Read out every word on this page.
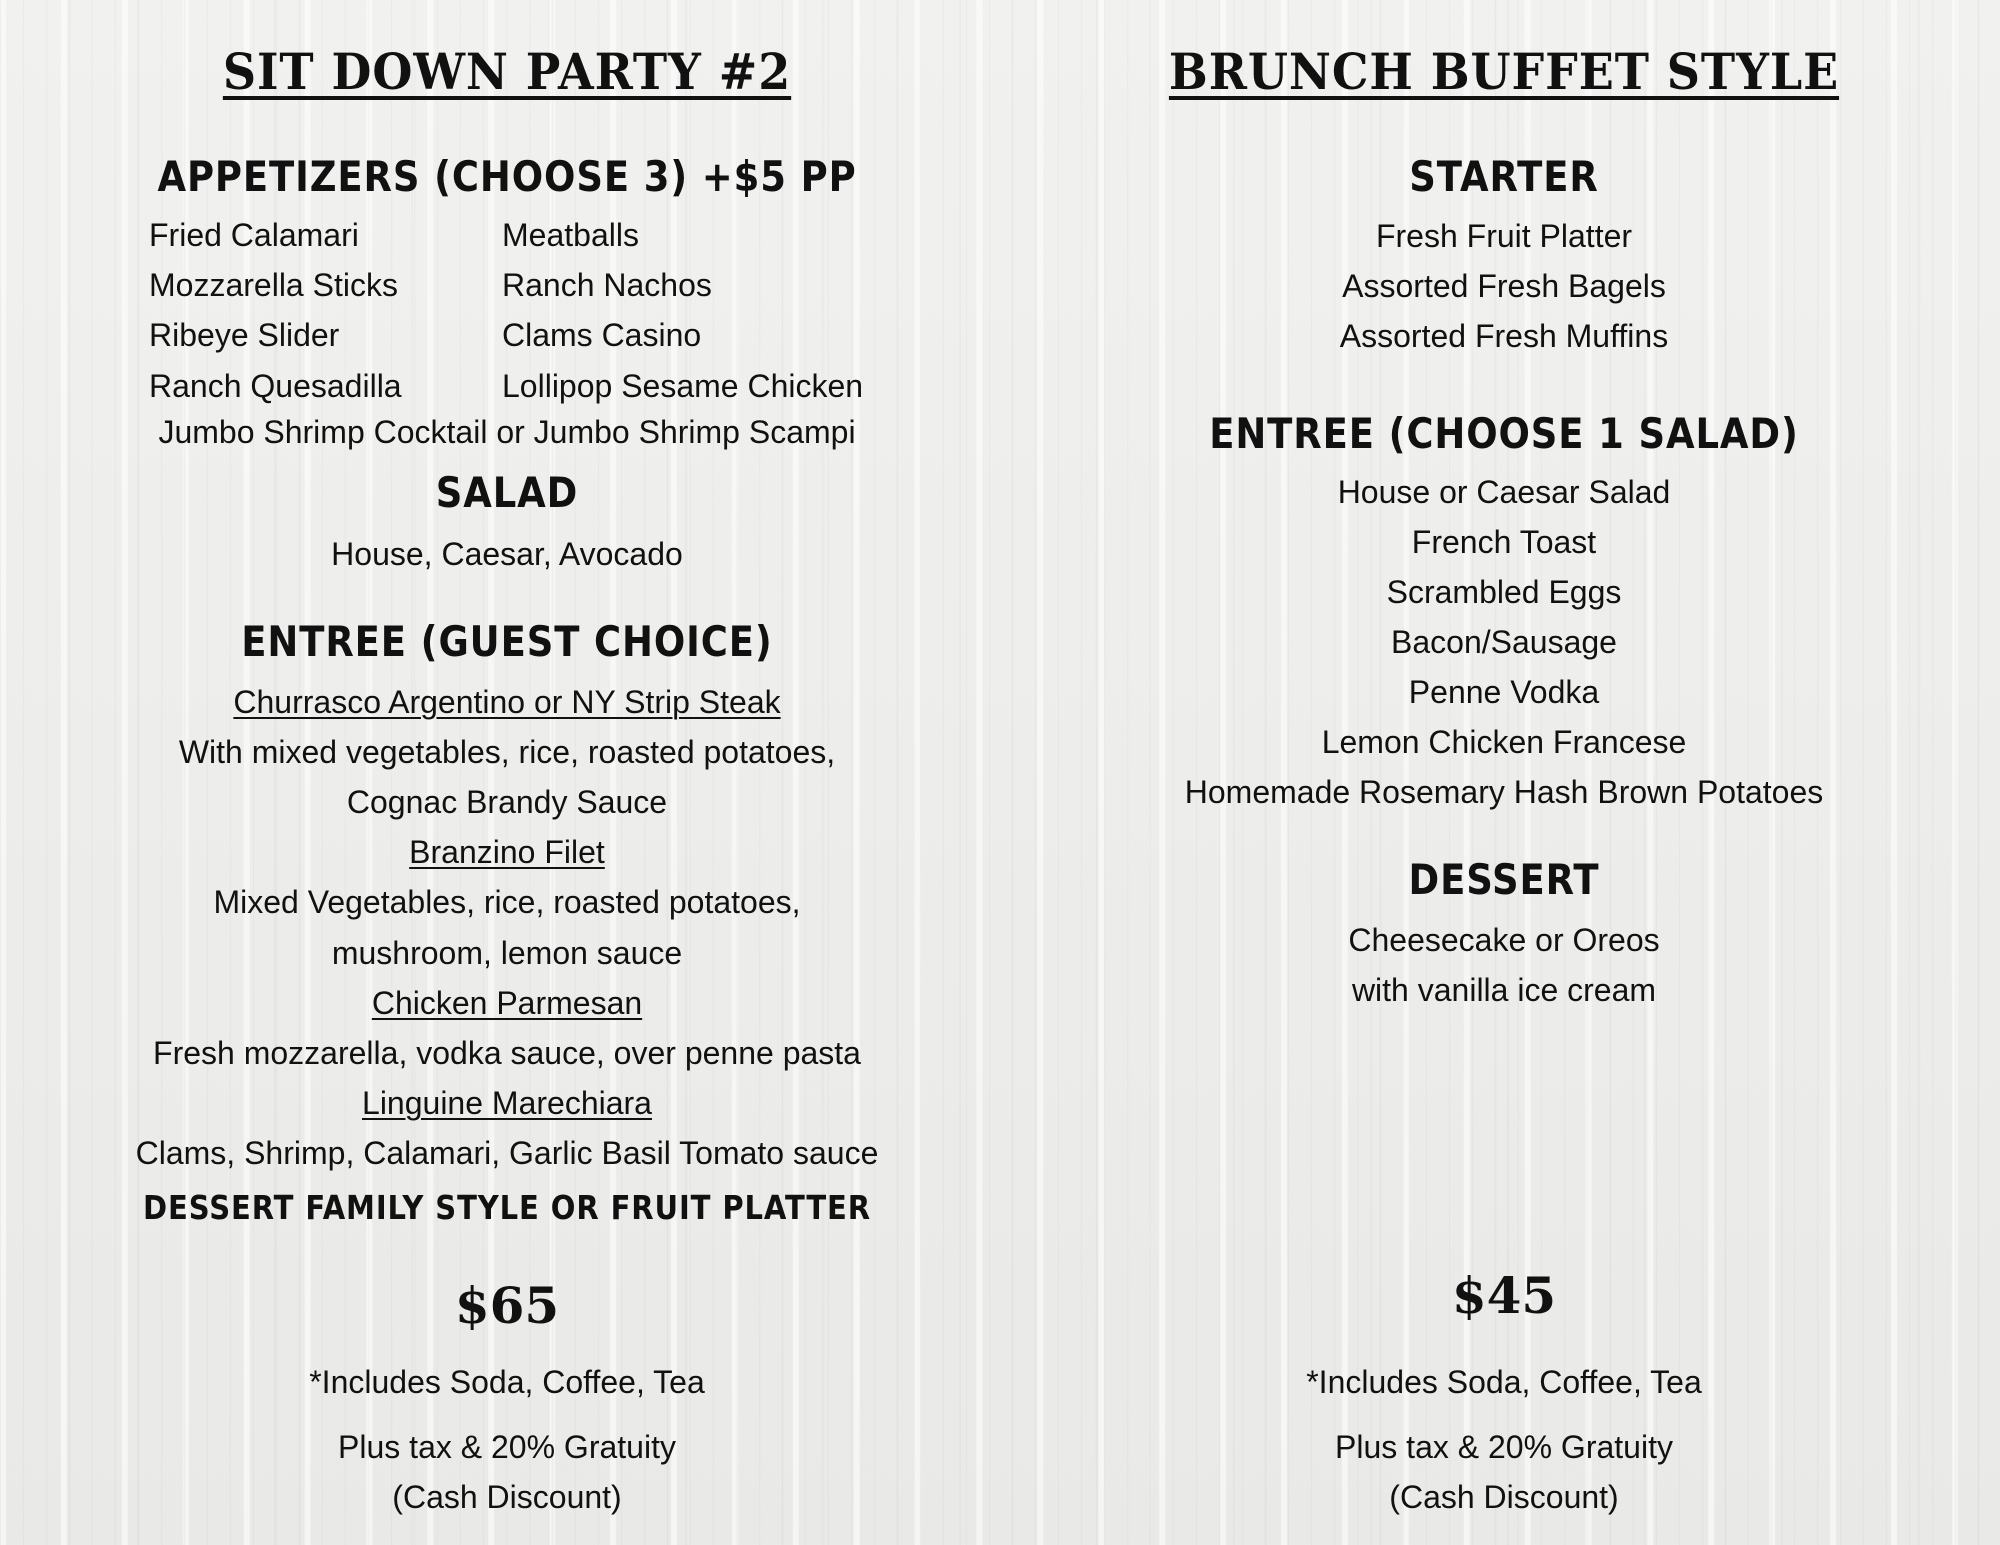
SIT DOWN PARTY #2
APPETIZERS (CHOOSE 3) +$5 PP
Fried Calamari
Mozzarella Sticks
Ribeye Slider
Ranch Quesadilla
Meatballs
Ranch Nachos
Clams Casino
Lollipop Sesame Chicken
Jumbo Shrimp Cocktail or Jumbo Shrimp Scampi
SALAD
House, Caesar, Avocado
ENTREE (GUEST CHOICE)
Churrasco Argentino or NY Strip Steak
With mixed vegetables, rice, roasted potatoes,
Cognac Brandy Sauce
Branzino Filet
Mixed Vegetables, rice, roasted potatoes,
mushroom, lemon sauce
Chicken Parmesan
Fresh mozzarella, vodka sauce, over penne pasta
Linguine Marechiara
Clams, Shrimp, Calamari, Garlic Basil Tomato sauce
DESSERT FAMILY STYLE OR FRUIT PLATTER
$65
*Includes Soda, Coffee, Tea
Plus tax & 20% Gratuity
(Cash Discount)
BRUNCH BUFFET STYLE
STARTER
Fresh Fruit Platter
Assorted Fresh Bagels
Assorted Fresh Muffins
ENTREE (CHOOSE 1 SALAD)
House or Caesar Salad
French Toast
Scrambled Eggs
Bacon/Sausage
Penne Vodka
Lemon Chicken Francese
Homemade Rosemary Hash Brown Potatoes
DESSERT
Cheesecake or Oreos
with vanilla ice cream
$45
*Includes Soda, Coffee, Tea
Plus tax & 20% Gratuity
(Cash Discount)
